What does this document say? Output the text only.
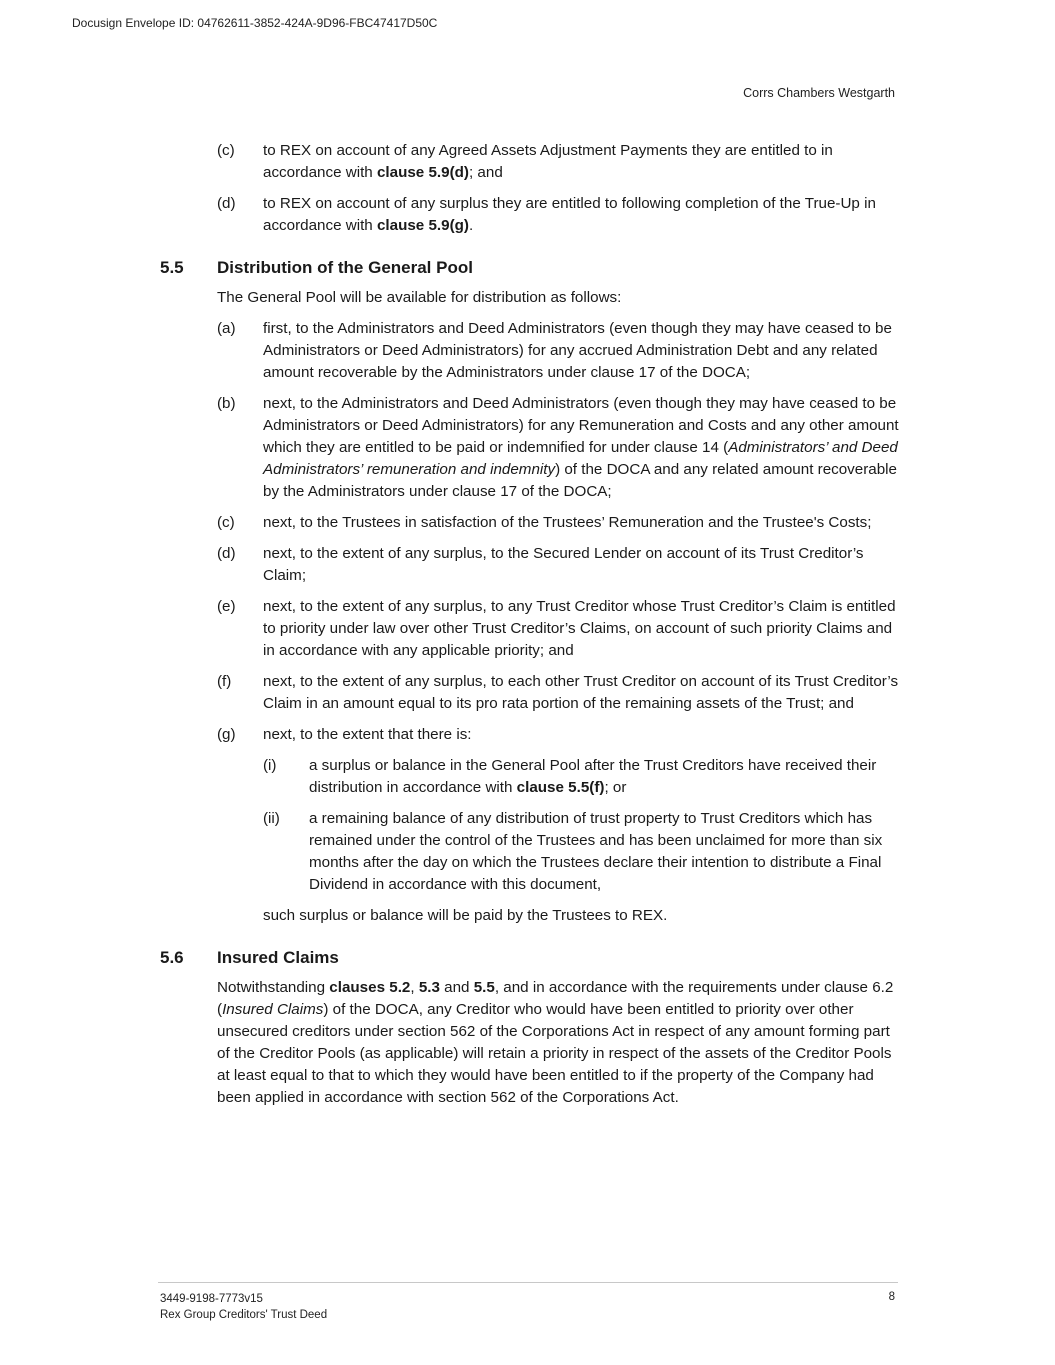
Docusign Envelope ID: 04762611-3852-424A-9D96-FBC47417D50C
Corrs Chambers Westgarth
(c) to REX on account of any Agreed Assets Adjustment Payments they are entitled to in accordance with clause 5.9(d); and
(d) to REX on account of any surplus they are entitled to following completion of the True-Up in accordance with clause 5.9(g).
5.5 Distribution of the General Pool
The General Pool will be available for distribution as follows:
(a) first, to the Administrators and Deed Administrators (even though they may have ceased to be Administrators or Deed Administrators) for any accrued Administration Debt and any related amount recoverable by the Administrators under clause 17 of the DOCA;
(b) next, to the Administrators and Deed Administrators (even though they may have ceased to be Administrators or Deed Administrators) for any Remuneration and Costs and any other amount which they are entitled to be paid or indemnified for under clause 14 (Administrators’ and Deed Administrators’ remuneration and indemnity) of the DOCA and any related amount recoverable by the Administrators under clause 17 of the DOCA;
(c) next, to the Trustees in satisfaction of the Trustees’ Remuneration and the Trustee's Costs;
(d) next, to the extent of any surplus, to the Secured Lender on account of its Trust Creditor’s Claim;
(e) next, to the extent of any surplus, to any Trust Creditor whose Trust Creditor’s Claim is entitled to priority under law over other Trust Creditor’s Claims, on account of such priority Claims and in accordance with any applicable priority; and
(f) next, to the extent of any surplus, to each other Trust Creditor on account of its Trust Creditor’s Claim in an amount equal to its pro rata portion of the remaining assets of the Trust; and
(g) next, to the extent that there is:
(i) a surplus or balance in the General Pool after the Trust Creditors have received their distribution in accordance with clause 5.5(f); or
(ii) a remaining balance of any distribution of trust property to Trust Creditors which has remained under the control of the Trustees and has been unclaimed for more than six months after the day on which the Trustees declare their intention to distribute a Final Dividend in accordance with this document,
such surplus or balance will be paid by the Trustees to REX.
5.6 Insured Claims
Notwithstanding clauses 5.2, 5.3 and 5.5, and in accordance with the requirements under clause 6.2 (Insured Claims) of the DOCA, any Creditor who would have been entitled to priority over other unsecured creditors under section 562 of the Corporations Act in respect of any amount forming part of the Creditor Pools (as applicable) will retain a priority in respect of the assets of the Creditor Pools at least equal to that to which they would have been entitled to if the property of the Company had been applied in accordance with section 562 of the Corporations Act.
3449-9198-7773v15
Rex Group Creditors' Trust Deed
8
